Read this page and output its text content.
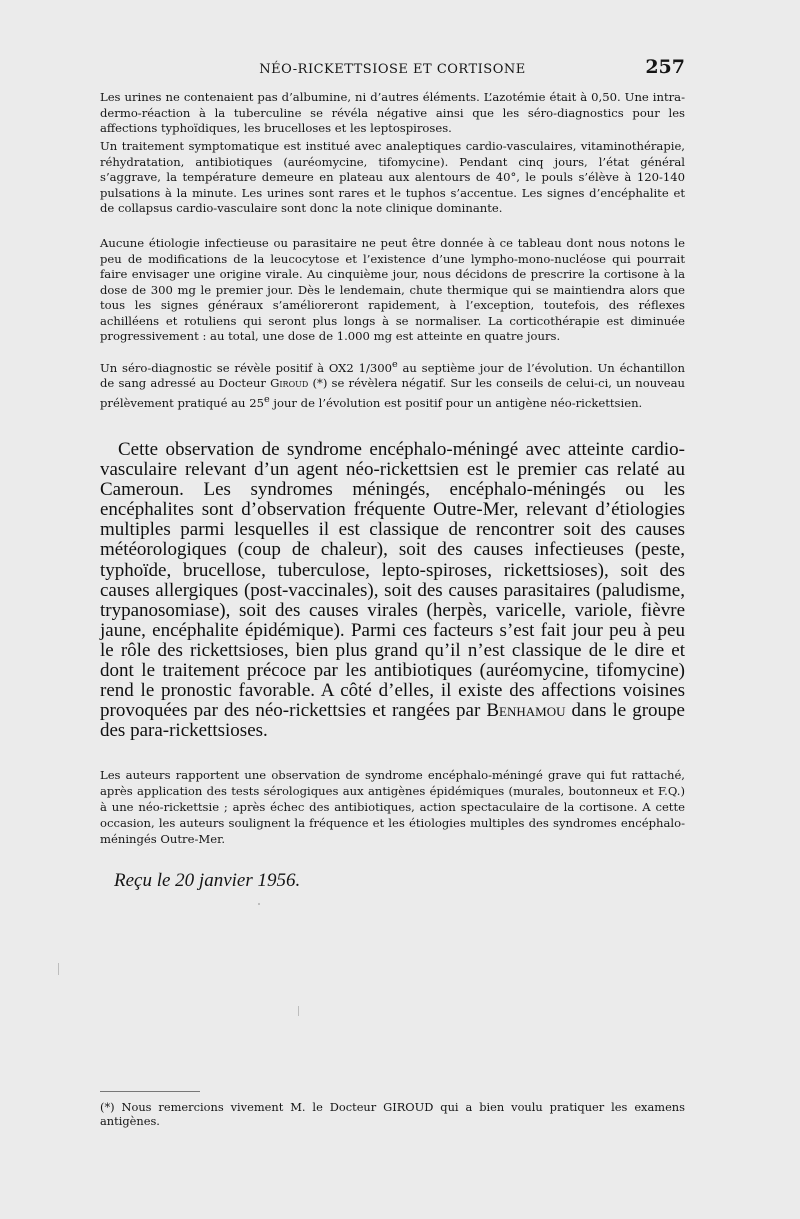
NÉO-RICKETTSIOSE ET CORTISONE	257

Les urines ne contenaient pas d’albumine, ni d’autres éléments. L’azotémie était à 0,50. Une intra-dermo-réaction à la tuberculine se révéla négative ainsi que les séro-diagnostics pour les affections typhoïdiques, les brucelloses et les leptospiroses.

Un traitement symptomatique est institué avec analeptiques cardio-vasculaires, vitaminothérapie, réhydratation, antibiotiques (auréomycine, tifomycine). Pendant cinq jours, l’état général s’aggrave, la température demeure en plateau aux alentours de 40°, le pouls s’élève à 120-140 pulsations à la minute. Les urines sont rares et le tuphos s’accentue. Les signes d’encéphalite et de collapsus cardio-vasculaire sont donc la note clinique dominante.

Aucune étiologie infectieuse ou parasitaire ne peut être donnée à ce tableau dont nous notons le peu de modifications de la leucocytose et l’existence d’une lympho-mono-nucléose qui pourrait faire envisager une origine virale. Au cinquième jour, nous décidons de prescrire la cortisone à la dose de 300 mg le premier jour. Dès le lendemain, chute thermique qui se maintiendra alors que tous les signes généraux s’amélioreront rapidement, à l’exception, toutefois, des réflexes achilléens et rotuliens qui seront plus longs à se normaliser. La corticothérapie est diminuée progressivement : au total, une dose de 1.000 mg est atteinte en quatre jours.

Un séro-diagnostic se révèle positif à OX2 1/300e au septième jour de l’évolution. Un échantillon de sang adressé au Docteur Giroud (*) se révèlera négatif. Sur les conseils de celui-ci, un nouveau prélèvement pratiqué au 25e jour de l’évolution est positif pour un antigène néo-rickettsien.

Cette observation de syndrome encéphalo-méningé avec atteinte cardio-vasculaire relevant d’un agent néo-rickettsien est le premier cas relaté au Cameroun. Les syndromes méningés, encéphalo-méningés ou les encéphalites sont d’observation fréquente Outre-Mer, relevant d’étiologies multiples parmi lesquelles il est classique de rencontrer soit des causes météorologiques (coup de chaleur), soit des causes infectieuses (peste, typhoïde, brucellose, tuberculose, lepto-spiroses, rickettsioses), soit des causes allergiques (post-vaccinales), soit des causes parasitaires (paludisme, trypanosomiase), soit des causes virales (herpès, varicelle, variole, fièvre jaune, encéphalite épidémique). Parmi ces facteurs s’est fait jour peu à peu le rôle des rickettsioses, bien plus grand qu’il n’est classique de le dire et dont le traitement précoce par les antibiotiques (auréomycine, tifomycine) rend le pronostic favorable. A côté d’elles, il existe des affections voisines provoquées par des néo-rickettsies et rangées par Benhamou dans le groupe des para-rickettsioses.

Les auteurs rapportent une observation de syndrome encéphalo-méningé grave qui fut rattaché, après application des tests sérologiques aux antigènes épidémiques (murales, boutonneux et F.Q.) à une néo-rickettsie ; après échec des antibiotiques, action spectaculaire de la cortisone. A cette occasion, les auteurs soulignent la fréquence et les étiologies multiples des syndromes encéphalo-méningés Outre-Mer.

Reçu le 20 janvier 1956.

(*) Nous remercions vivement M. le Docteur GIROUD qui a bien voulu pratiquer les examens antigènes.
